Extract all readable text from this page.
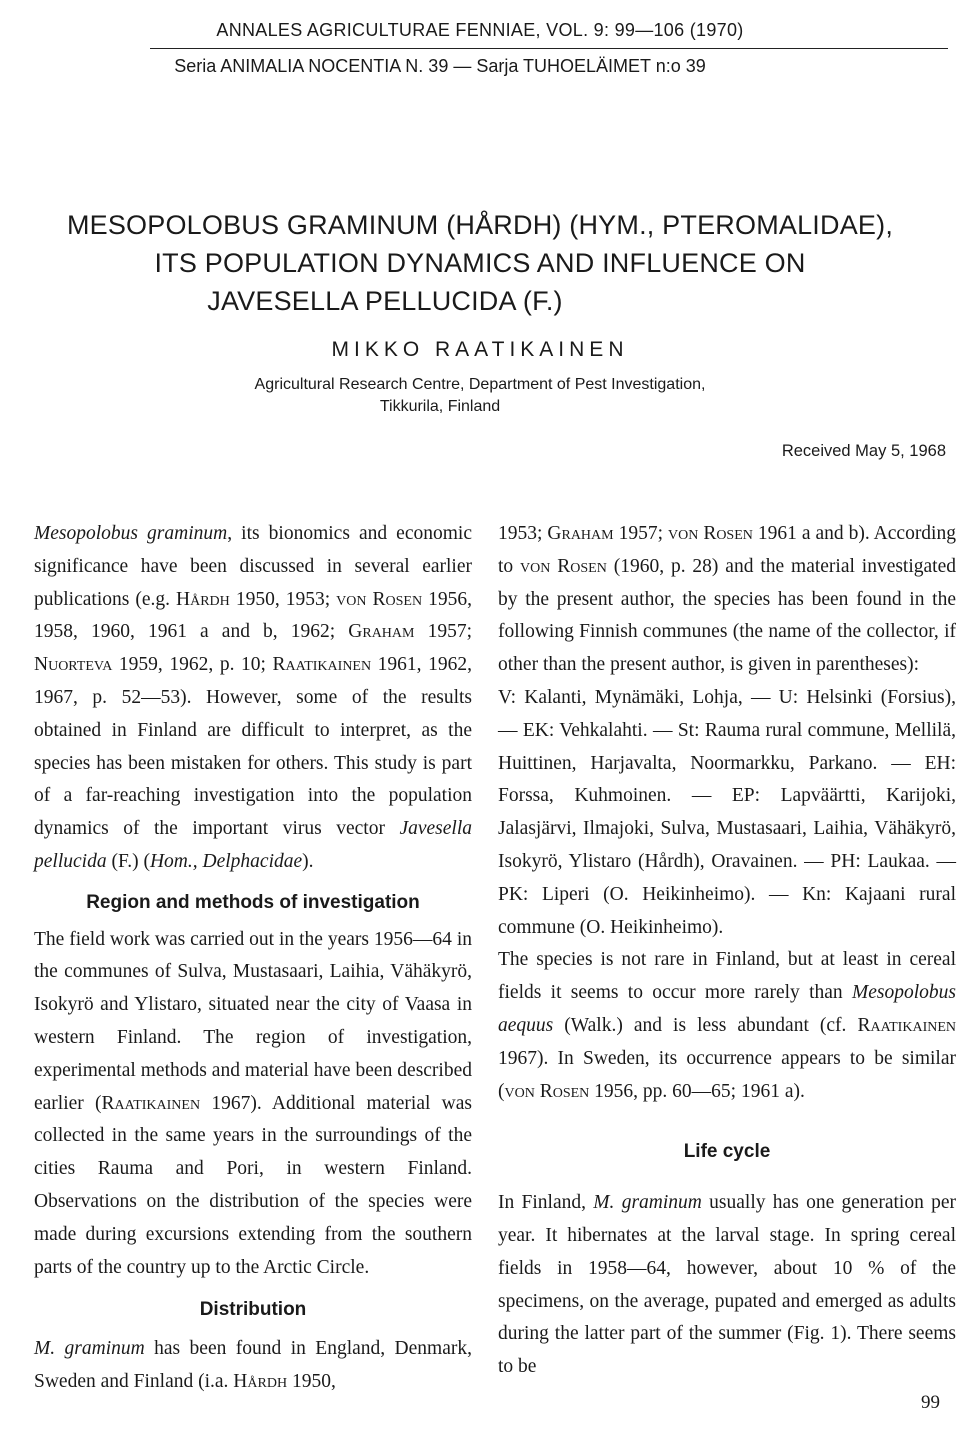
ANNALES AGRICULTURAE FENNIAE, VOL. 9: 99—106 (1970)
Seria ANIMALIA NOCENTIA N. 39 — Sarja TUHOELÄIMET n:o 39
MESOPOLOBUS GRAMINUM (HÅRDH) (HYM., PTEROMALIDAE),
ITS POPULATION DYNAMICS AND INFLUENCE ON
JAVESELLA PELLUCIDA (F.)
MIKKO RAATIKAINEN
Agricultural Research Centre, Department of Pest Investigation,
Tikkurila, Finland
Received May 5, 1968

Mesopolobus graminum, its bionomics and economic significance have been discussed in several earlier publications (e.g. Hårdh 1950, 1953; von Rosen 1956, 1958, 1960, 1961 a and b, 1962; Graham 1957; Nuorteva 1959, 1962, p. 10; Raatikainen 1961, 1962, 1967, p. 52—53). However, some of the results obtained in Finland are difficult to interpret, as the species has been mistaken for others. This study is part of a far-reaching investigation into the population dynamics of the important virus vector Javesella pellucida (F.) (Hom., Delphacidae).

Region and methods of investigation

The field work was carried out in the years 1956—64 in the communes of Sulva, Mustasaari, Laihia, Vähäkyrö, Isokyrö and Ylistaro, situated near the city of Vaasa in western Finland. The region of investigation, experimental methods and material have been described earlier (Raatikainen 1967). Additional material was collected in the same years in the surroundings of the cities Rauma and Pori, in western Finland. Observations on the distribution of the species were made during excursions extending from the southern parts of the country up to the Arctic Circle.

Distribution

M. graminum has been found in England, Denmark, Sweden and Finland (i.a. Hårdh 1950,

1953; Graham 1957; von Rosen 1961 a and b). According to von Rosen (1960, p. 28) and the material investigated by the present author, the species has been found in the following Finnish communes (the name of the collector, if other than the present author, is given in parentheses):

V: Kalanti, Mynämäki, Lohja, — U: Helsinki (Forsius), — EK: Vehkalahti. — St: Rauma rural commune, Mellilä, Huittinen, Harjavalta, Noormarkku, Parkano. — EH: Forssa, Kuhmoinen. — EP: Lapväärtti, Karijoki, Jalasjärvi, Ilmajoki, Sulva, Mustasaari, Laihia, Vähäkyrö, Isokyrö, Ylistaro (Hårdh), Oravainen. — PH: Laukaa. — PK: Liperi (O. Heikinheimo). — Kn: Kajaani rural commune (O. Heikinheimo).

The species is not rare in Finland, but at least in cereal fields it seems to occur more rarely than Mesopolobus aequus (Walk.) and is less abundant (cf. Raatikainen 1967). In Sweden, its occurrence appears to be similar (von Rosen 1956, pp. 60—65; 1961 a).

Life cycle

In Finland, M. graminum usually has one generation per year. It hibernates at the larval stage. In spring cereal fields in 1958—64, however, about 10 % of the specimens, on the average, pupated and emerged as adults during the latter part of the summer (Fig. 1). There seems to be

99
